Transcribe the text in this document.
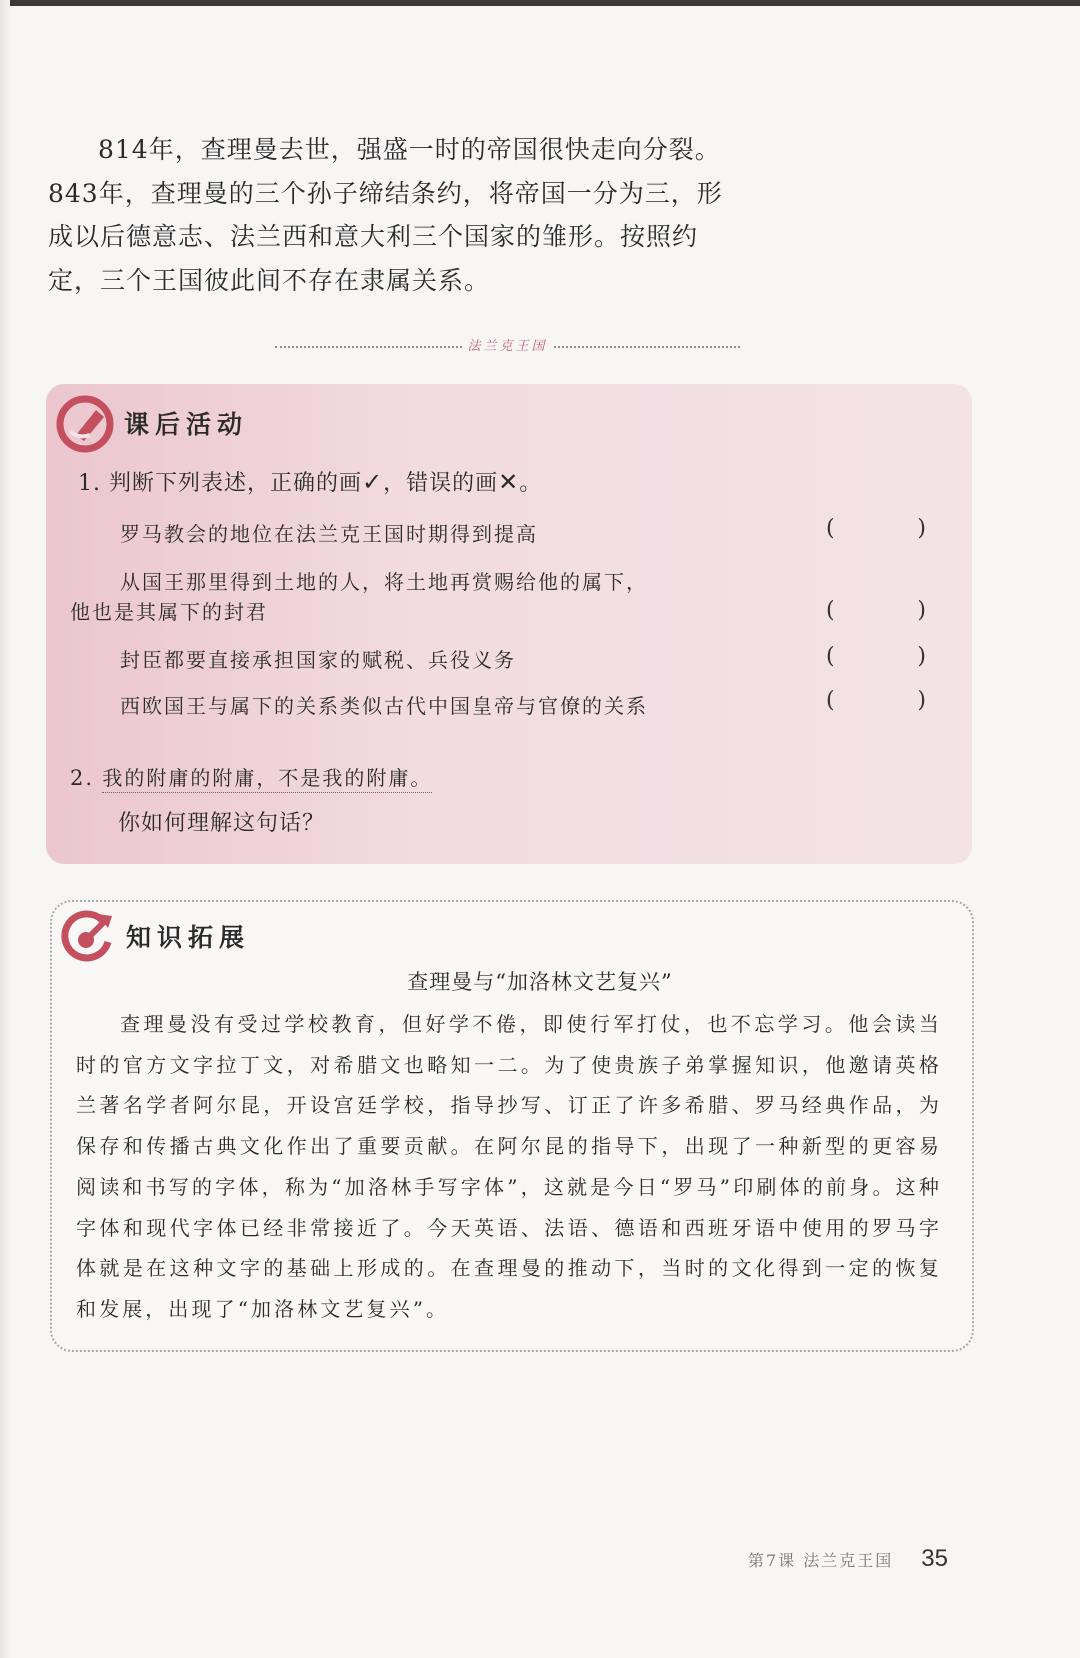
814年，查理曼去世，强盛一时的帝国很快走向分裂。843年，查理曼的三个孙子缔结条约，将帝国一分为三，形成以后德意志、法兰西和意大利三个国家的雏形。按照约定，三个王国彼此间不存在隶属关系。

法兰克王国
课后活动
1. 判断下列表述，正确的画✓，错误的画✕。
罗马教会的地位在法兰克王国时期得到提高	(	)
从国王那里得到土地的人，将土地再赏赐给他的属下，
他也是其属下的封君	(	)
封臣都要直接承担国家的赋税、兵役义务	(	)
西欧国王与属下的关系类似古代中国皇帝与官僚的关系	(	)
2. 我的附庸的附庸，不是我的附庸。
你如何理解这句话？
知识拓展
查理曼与“加洛林文艺复兴”

查理曼没有受过学校教育，但好学不倦，即使行军打仗，也不忘学习。他会读当时的官方文字拉丁文，对希腊文也略知一二。为了使贵族子弟掌握知识，他邀请英格兰著名学者阿尔昆，开设宫廷学校，指导抄写、订正了许多希腊、罗马经典作品，为保存和传播古典文化作出了重要贡献。在阿尔昆的指导下，出现了一种新型的更容易阅读和书写的字体，称为“加洛林手写字体”，这就是今日“罗马”印刷体的前身。这种字体和现代字体已经非常接近了。今天英语、法语、德语和西班牙语中使用的罗马字体就是在这种文字的基础上形成的。在查理曼的推动下，当时的文化得到一定的恢复和发展，出现了“加洛林文艺复兴”。

第7课 法兰克王国 35
